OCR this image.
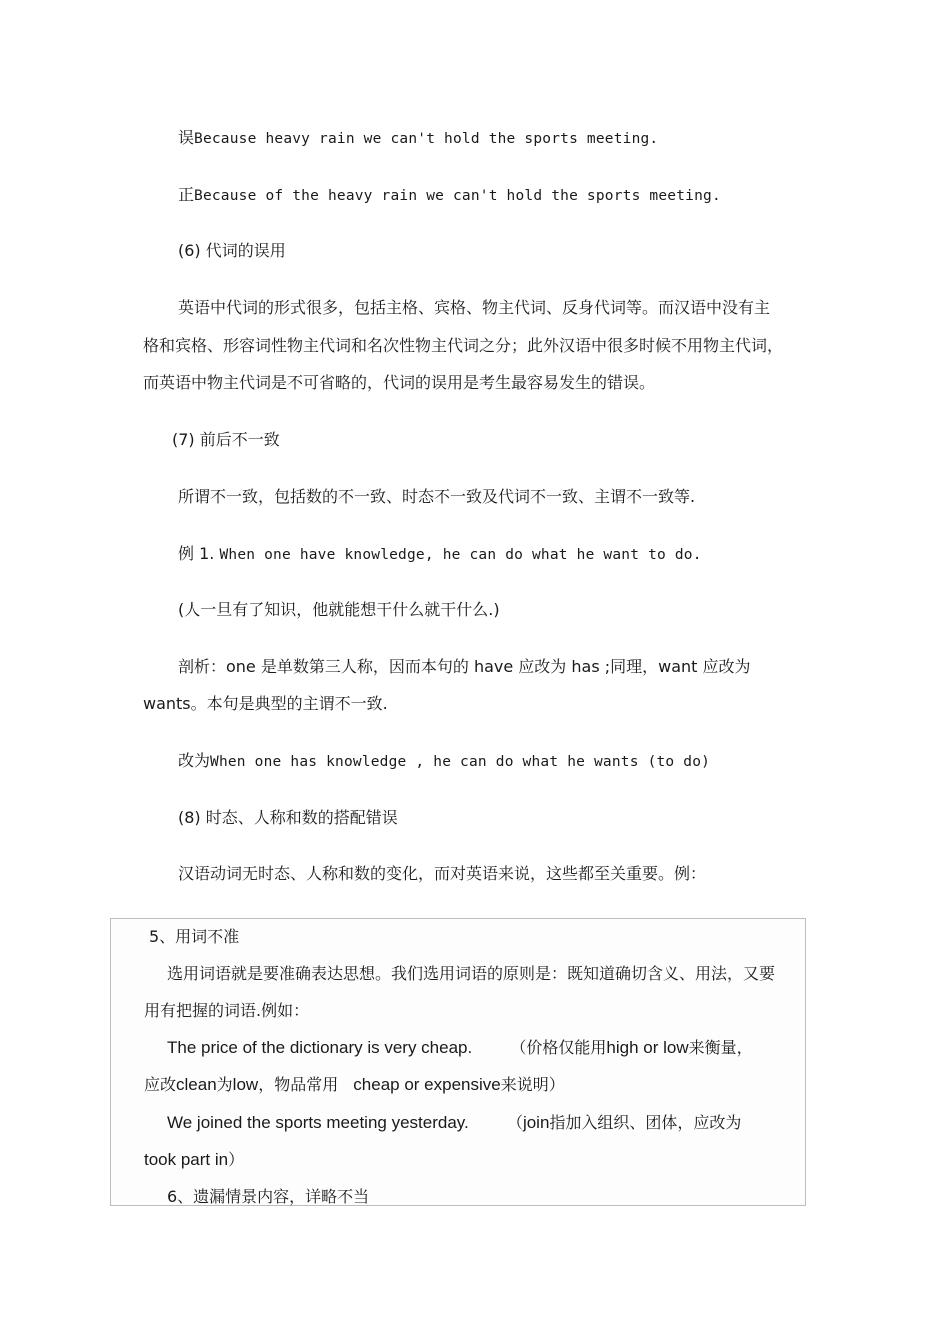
误Because heavy rain we can't hold the sports meeting.
正Because of the heavy rain we can't hold the sports meeting.
(6) 代词的误用
英语中代词的形式很多，包括主格、宾格、物主代词、反身代词等。而汉语中没有主
格和宾格、形容词性物主代词和名次性物主代词之分；此外汉语中很多时候不用物主代词，
而英语中物主代词是不可省略的，代词的误用是考生最容易发生的错误。
(7) 前后不一致
所谓不一致，包括数的不一致、时态不一致及代词不一致、主谓不一致等.
例 1. When one have knowledge, he can do what he want to do.
(人一旦有了知识，他就能想干什么就干什么.)
剖析：one 是单数第三人称，因而本句的 have 应改为 has ;同理，want 应改为
wants。本句是典型的主谓不一致.
改为When one has knowledge , he can do what he wants (to do)
(8) 时态、人称和数的搭配错误
汉语动词无时态、人称和数的变化，而对英语来说，这些都至关重要。例：
5、用词不准
选用词语就是要准确表达思想。我们选用词语的原则是：既知道确切含义、用法，又要
用有把握的词语.例如：
The price of the dictionary is very cheap. （价格仅能用high or low来衡量，
应改clean为low，物品常用 cheap or expensive来说明）
We joined the sports meeting yesterday. （join指加入组织、团体，应改为
took part in）
6、遗漏情景内容，详略不当
